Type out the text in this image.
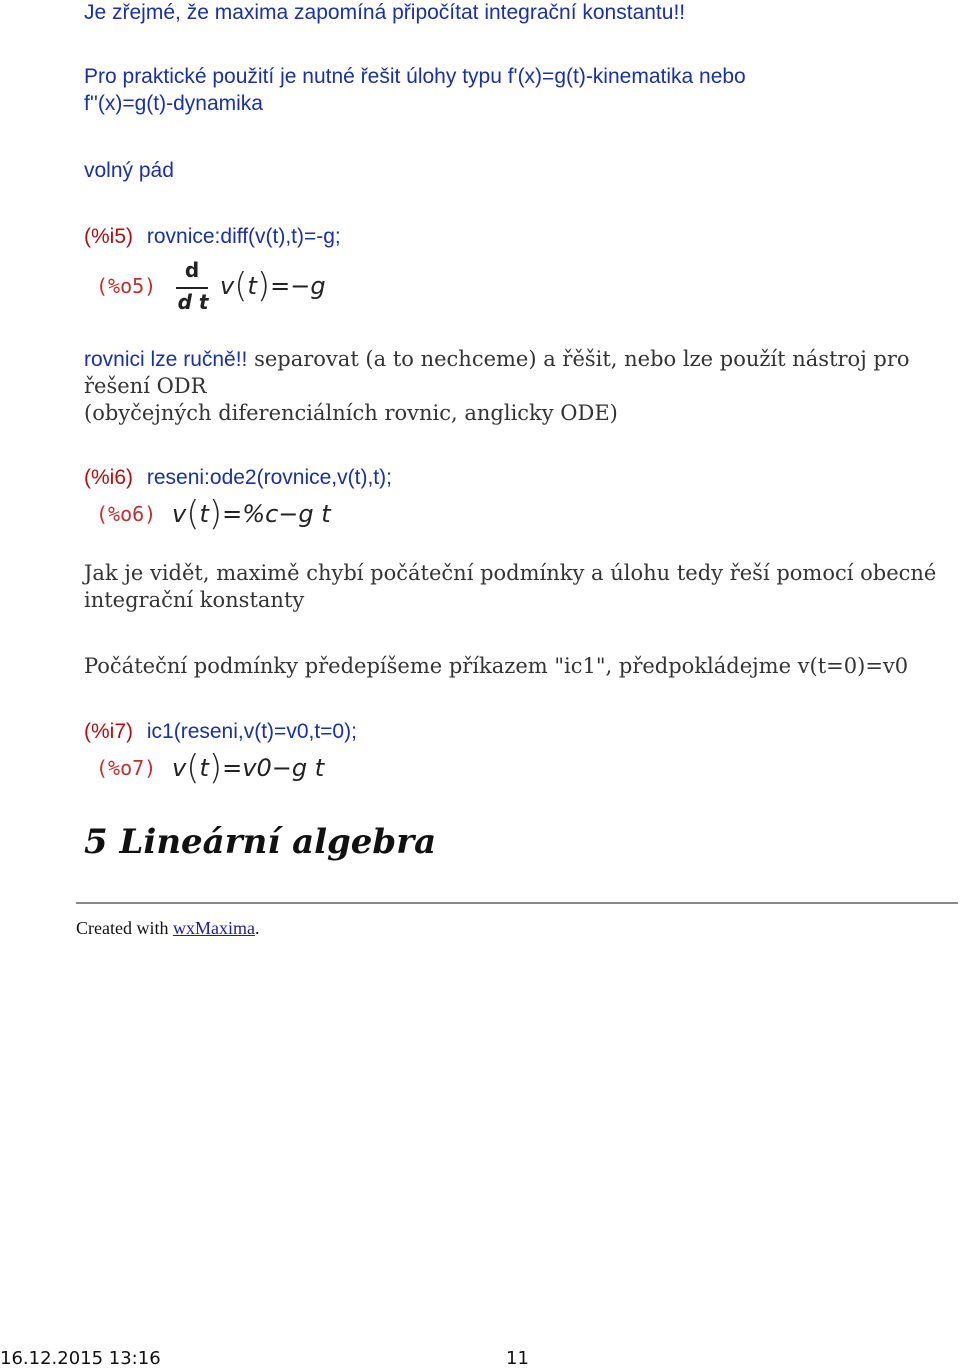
Je zřejmé, že maxima zapomíná připočítat integrační konstantu!!
Pro praktické použití je nutné řešit úlohy typu f'(x)=g(t)-kinematika nebo
f''(x)=g(t)-dynamika
volný pád
(%i5) rovnice:diff(v(t),t)=-g;
(%o5)
d
d t
v(t)=−g
rovnici lze ručně!! separovat (a to nechceme) a řěšit, nebo lze použít nástroj pro
řešení ODR
(obyčejných diferenciálních rovnic, anglicky ODE)
(%i6) reseni:ode2(rovnice,v(t),t);
(%o6) v(t)=%c−g t
Jak je vidět, maximě chybí počáteční podmínky a úlohu tedy řeší pomocí obecné
integrační konstanty
Počáteční podmínky předepíšeme příkazem "ic1", předpokládejme v(t=0)=v0
(%i7) ic1(reseni,v(t)=v0,t=0);
(%o7) v(t)=v0−g t
5 Lineární algebra
Created with wxMaxima.
16.12.2015 13:16	11
